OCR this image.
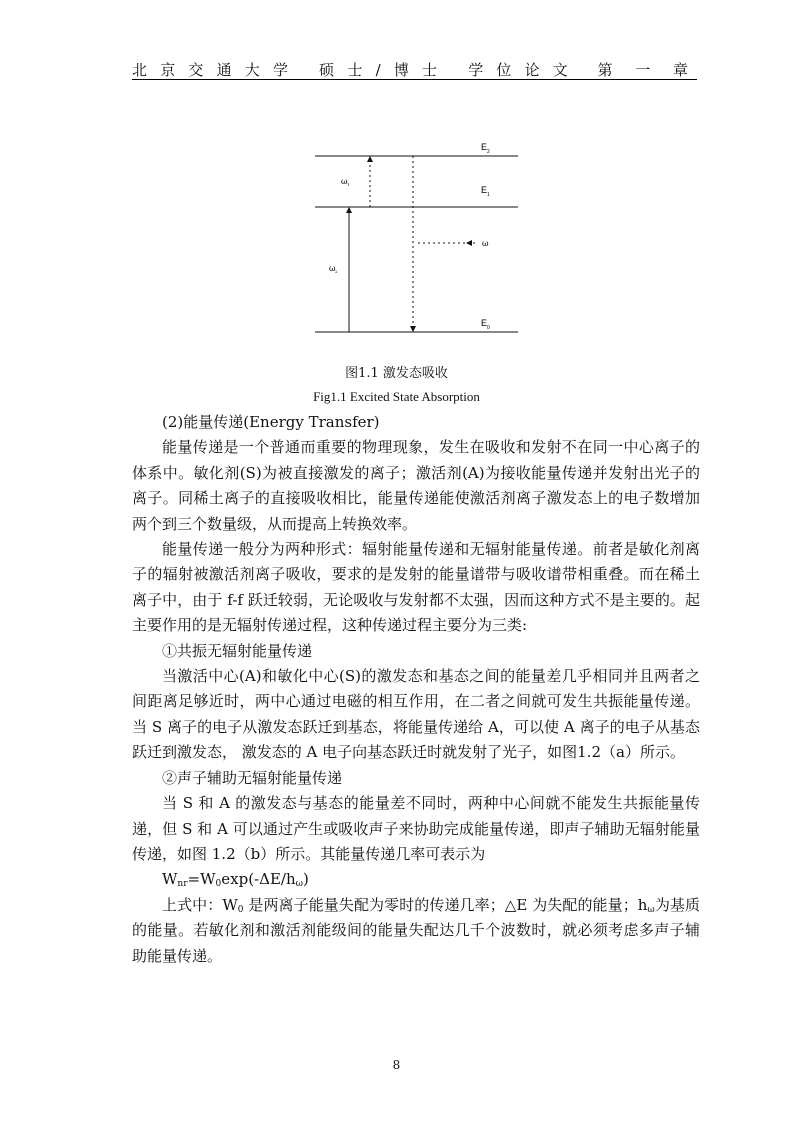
北京交通大学 硕士/博士 学位论文 第 一 章
E 2
E 1
E 0
ω 1
ω 2
ω
图1.1 激发态吸收
Fig1.1 Excited State Absorption

(2)能量传递(Energy Transfer)

能量传递是一个普通而重要的物理现象，发生在吸收和发射不在同一中心离子的体系中。敏化剂(S)为被直接激发的离子；激活剂(A)为接收能量传递并发射出光子的离子。同稀土离子的直接吸收相比，能量传递能使激活剂离子激发态上的电子数增加两个到三个数量级，从而提高上转换效率。

能量传递一般分为两种形式：辐射能量传递和无辐射能量传递。前者是敏化剂离子的辐射被激活剂离子吸收，要求的是发射的能量谱带与吸收谱带相重叠。而在稀土离子中，由于 f-f 跃迁较弱，无论吸收与发射都不太强，因而这种方式不是主要的。起主要作用的是无辐射传递过程，这种传递过程主要分为三类:

①共振无辐射能量传递

当激活中心(A)和敏化中心(S)的激发态和基态之间的能量差几乎相同并且两者之间距离足够近时，两中心通过电磁的相互作用，在二者之间就可发生共振能量传递。当 S 离子的电子从激发态跃迁到基态，将能量传递给 A，可以使 A 离子的电子从基态跃迁到激发态， 激发态的 A 电子向基态跃迁时就发射了光子，如图1.2（a）所示。

②声子辅助无辐射能量传递

当 S 和 A 的激发态与基态的能量差不同时，两种中心间就不能发生共振能量传递，但 S 和 A 可以通过产生或吸收声子来协助完成能量传递，即声子辅助无辐射能量传递，如图 1.2（b）所示。其能量传递几率可表示为

$W_{nr}=W_0\exp(-\Delta E/h_\omega)$

上式中：$W_0$ 是两离子能量失配为零时的传递几率；△E 为失配的能量；$h_\omega$为基质的能量。若敏化剂和激活剂能级间的能量失配达几千个波数时，就必须考虑多声子辅助能量传递。

8
